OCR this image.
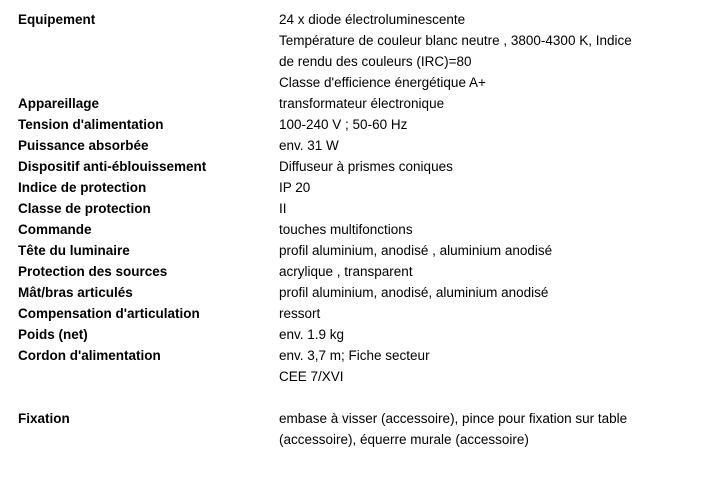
Equipement	24 x diode électroluminescente
Température de couleur blanc neutre , 3800-4300 K, Indice
de rendu des couleurs (IRC)=80
Classe d'efficience énergétique A+
Appareillage	transformateur électronique
Tension d'alimentation	100-240 V ; 50-60 Hz
Puissance absorbée	env. 31 W
Dispositif anti-éblouissement	Diffuseur à prismes coniques
Indice de protection	IP 20
Classe de protection	II
Commande	touches multifonctions
Tête du luminaire	profil aluminium, anodisé , aluminium anodisé
Protection des sources	acrylique , transparent
Mât/bras articulés	profil aluminium, anodisé, aluminium anodisé
Compensation d'articulation	ressort
Poids (net)	env. 1.9 kg
Cordon d'alimentation	env. 3,7 m; Fiche secteur
CEE 7/XVI
Fixation	embase à visser (accessoire), pince pour fixation sur table
(accessoire), équerre murale (accessoire)
